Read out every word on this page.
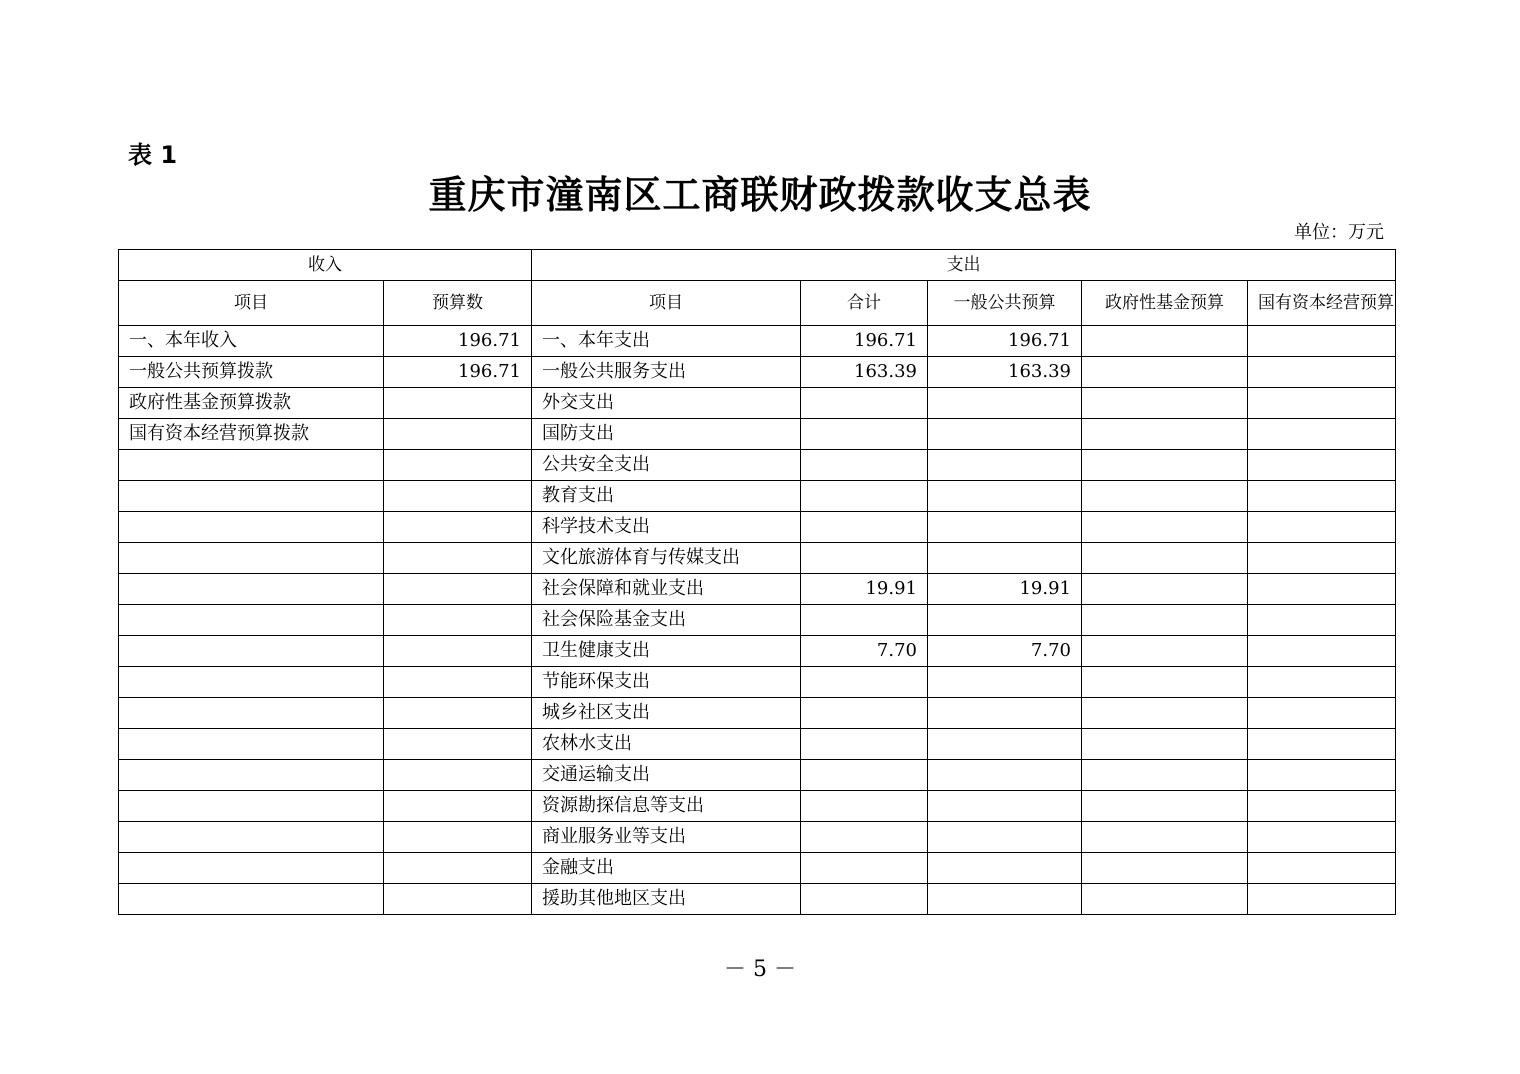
表 1
重庆市潼南区工商联财政拨款收支总表
单位：万元
收入		支出				
项目	预算数	项目	合计	一般公共预算	政府性基金预算	国有资本经营预算
一、本年收入	196.71	一、本年支出	196.71	196.71		
一般公共预算拨款	196.71	一般公共服务支出	163.39	163.39		
政府性基金预算拨款		外交支出				
国有资本经营预算拨款		国防支出				
		公共安全支出				
		教育支出				
		科学技术支出				
		文化旅游体育与传媒支出				
		社会保障和就业支出	19.91	19.91		
		社会保险基金支出				
		卫生健康支出	7.70	7.70		
		节能环保支出				
		城乡社区支出				
		农林水支出				
		交通运输支出				
		资源勘探信息等支出				
		商业服务业等支出				
		金融支出				
		援助其他地区支出				
－ 5 －
